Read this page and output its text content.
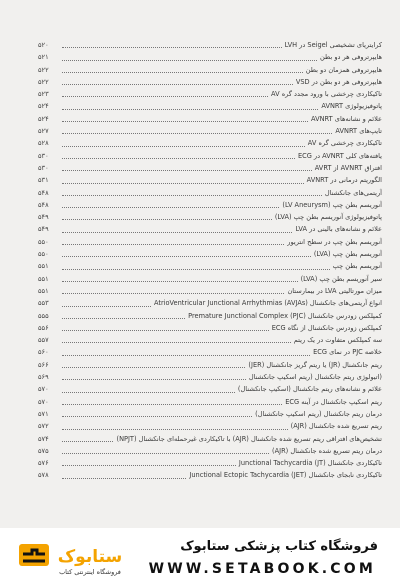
۵۲۰	کرایتریای تشخیصی Seigel در LVH
۵۲۱	هایپرتروفی هر دو بطن
۵۲۲	هایپرتروفی همزمان دو بطن
۵۲۲	هایپرتروفی هر دو بطن در VSD
۵۲۳	تاکیکاردی چرخشی با ورود مجدد گره AV
۵۲۴	پاتوفیزیولوژی AVNRT
۵۲۴	علائم و نشانه‌های AVNRT
۵۲۷	تایپ‌های AVNRT
۵۲۸	تاکیکاردی چرخشی گره AV
۵۳۰	یافته‌های کلی AVNRT در ECG
۵۳۰	افتراق AVNRT از AVRT
۵۳۱	الگوریتم درمانی در AVNRT
۵۴۸	آریتمی‌های جانکشنال
۵۴۸	آنوریسم بطن چپ (LV Aneurysm)
۵۴۹	پاتوفیزیولوژی آنوریسم بطن چپ (LVA)
۵۴۹	علائم و نشانه‌های بالینی در LVA
۵۵۰	آنوریسم بطن چپ در سطح انتریور
۵۵۰	آنوریسم بطن چپ (LVA)
۵۵۱	آنوریسم بطن چپ
۵۵۱	سیر آنوریسم بطن چپ (LVA)
۵۵۱	میزان مورتالیتی LVA در بیمارستان
۵۵۳	انواع آریتمی‌های جانکشنال (AVJAs) AtrioVentricular Junctional Arrhythmias
۵۵۵	کمپلکس زودرس جانکشنال (PJC) Premature Junctional Complex
۵۵۶	کمپلکس زودرس جانکشنال از نگاه ECG
۵۵۷	سه کمپلکس متفاوت در یک ریتم
۵۶۰	خلاصه PJC در نمای ECG
۵۶۶	ریتم جانکشنال (JR) یا ریتم گریز جانکشنال (JER)
۵۶۹	(اتیولوژی ریتم جانکشنال (ریتم اسکیپ جانکشنال
۵۷۰	علائم و نشانه‌های ریتم جانکشنال (اسکیپ جانکشنال)
۵۷۰	ریتم اسکیپ جانکشنال در آینه ECG
۵۷۱	درمان ریتم جانکشنال (ریتم اسکیپ جانکشنال)
۵۷۲	ریتم تسریع شده جانکشنال (AJR)
۵۷۴	تشخیص‌های افتراقی ریتم تسریع شده جانکشنال (AJR) با تاکیکاردی غیرحمله‌ای جانکشنال (NPJT)
۵۷۵	درمان ریتم تسریع شده جانکشنال (AJR)
۵۷۶	تاکیکاردی جانکشنال (JT) Junctional Tachycardia
۵۷۸	تاکیکاردی نابجای جانکشنال (JET) Junctional Ectopic Tachycardia
ستابوک
فروشگاه اینترنتی کتاب
فروشگاه کتاب پزشکی ستابوک
WWW.SETABOOK.COM
